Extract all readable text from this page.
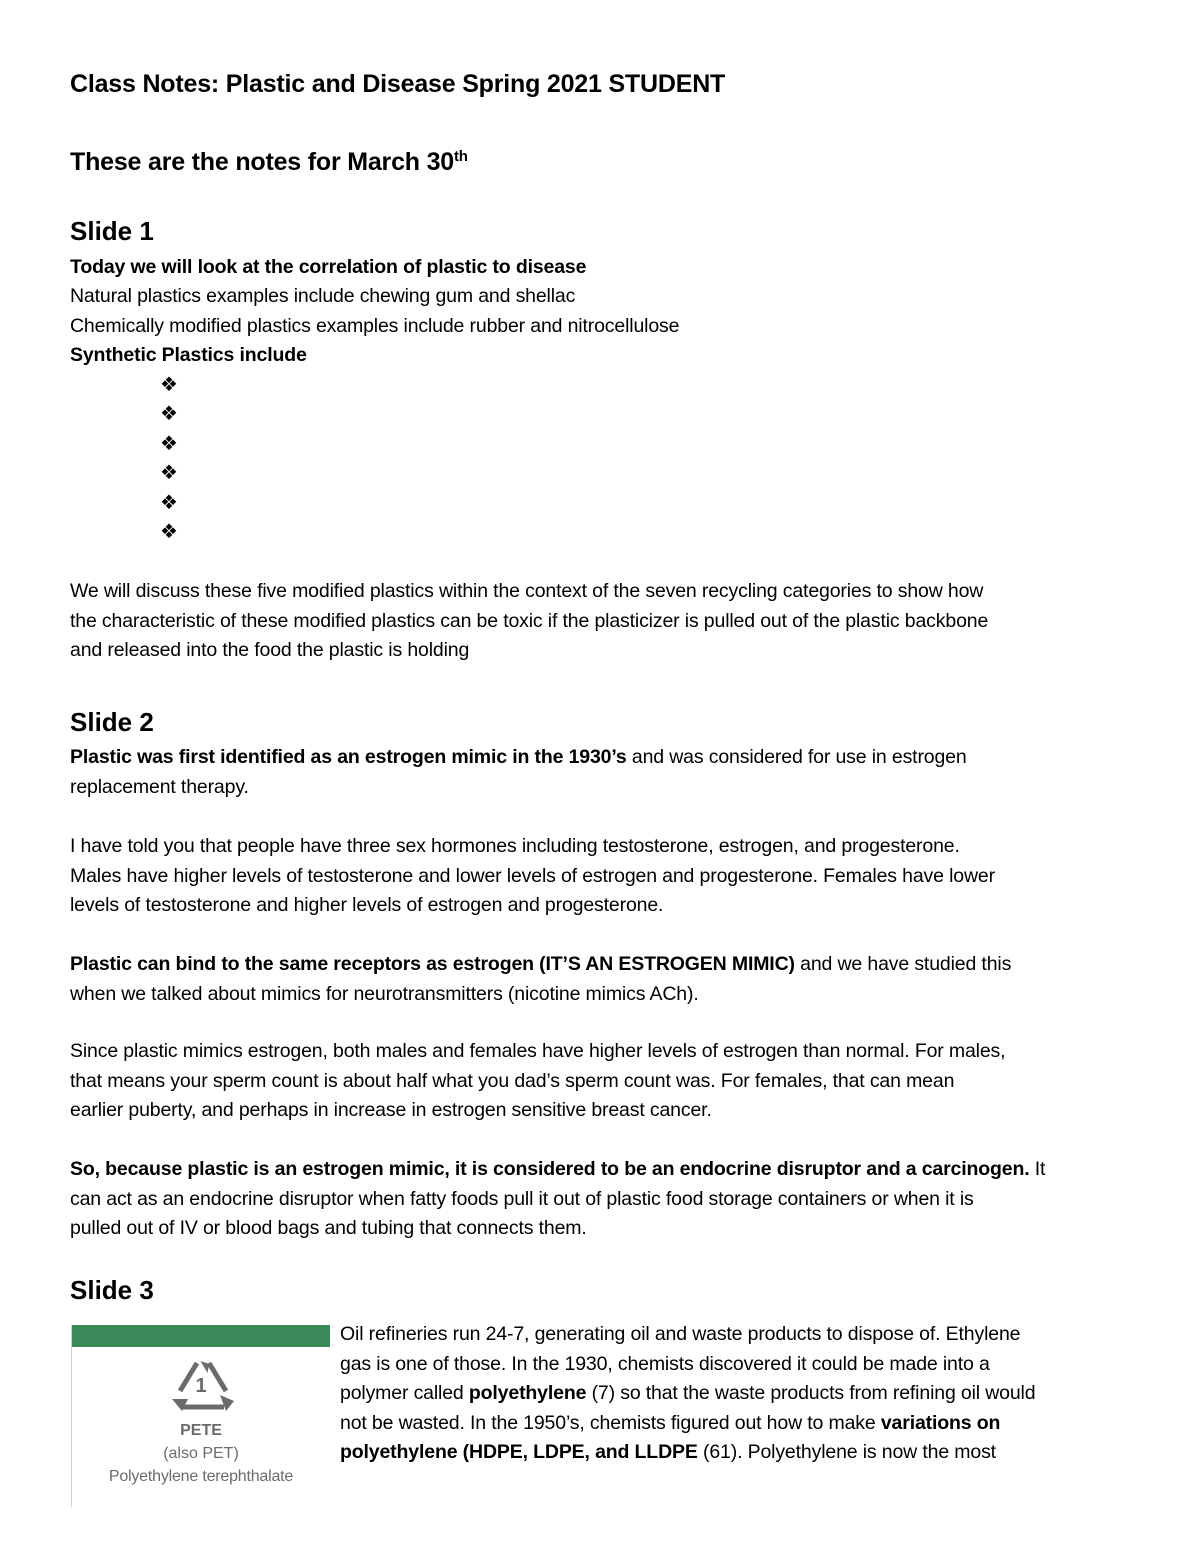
Class Notes: Plastic and Disease Spring 2021 STUDENT
These are the notes for March 30th
Slide 1
Today we will look at the correlation of plastic to disease
Natural plastics examples include chewing gum and shellac
Chemically modified plastics examples include rubber and nitrocellulose
Synthetic Plastics include
❖
❖
❖
❖
❖
❖
We will discuss these five modified plastics within the context of the seven recycling categories to show how
the characteristic of these modified plastics can be toxic if the plasticizer is pulled out of the plastic backbone
and released into the food the plastic is holding
Slide 2
Plastic was first identified as an estrogen mimic in the 1930’s and was considered for use in estrogen
replacement therapy.
I have told you that people have three sex hormones including testosterone, estrogen, and progesterone.
Males have higher levels of testosterone and lower levels of estrogen and progesterone. Females have lower
levels of testosterone and higher levels of estrogen and progesterone.
Plastic can bind to the same receptors as estrogen (IT’S AN ESTROGEN MIMIC) and we have studied this
when we talked about mimics for neurotransmitters (nicotine mimics ACh).
Since plastic mimics estrogen, both males and females have higher levels of estrogen than normal. For males,
that means your sperm count is about half what you dad’s sperm count was. For females, that can mean
earlier puberty, and perhaps in increase in estrogen sensitive breast cancer.
So, because plastic is an estrogen mimic, it is considered to be an endocrine disruptor and a carcinogen. It
can act as an endocrine disruptor when fatty foods pull it out of plastic food storage containers or when it is
pulled out of IV or blood bags and tubing that connects them.
Slide 3
1
PETE
(also PET)
Polyethylene terephthalate
Oil refineries run 24-7, generating oil and waste products to dispose of. Ethylene
gas is one of those. In the 1930, chemists discovered it could be made into a
polymer called polyethylene (7) so that the waste products from refining oil would
not be wasted. In the 1950’s, chemists figured out how to make variations on
polyethylene (HDPE, LDPE, and LLDPE (61). Polyethylene is now the most
